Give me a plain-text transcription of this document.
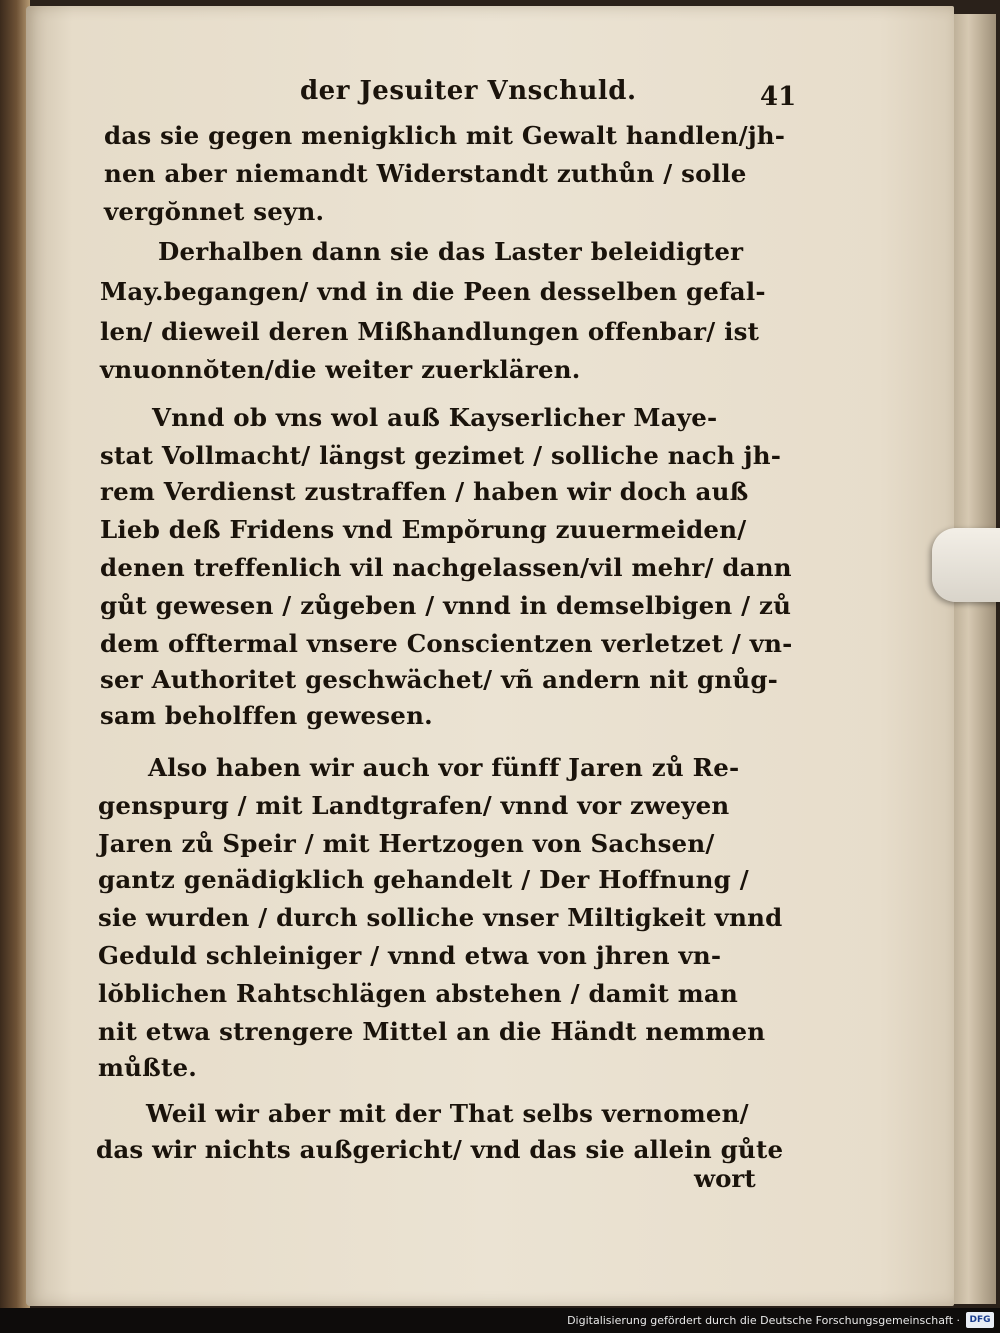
der Jesuiter Vnschuld.	41
das sie gegen menigklich mit Gewalt handlen/jh-
nen aber niemandt Widerstandt zuthůn / solle
vergŏnnet seyn.
Derhalben dann sie das Laster beleidigter
May.begangen/ vnd in die Peen desselben gefal-
len/ dieweil deren Mißhandlungen offenbar/ ist
vnuonnŏten/die weiter zuerklären.
Vnnd ob vns wol auß Kayserlicher Maye-
stat Vollmacht/ längst gezimet / solliche nach jh-
rem Verdienst zustraffen / haben wir doch auß
Lieb deß Fridens vnd Empŏrung zuuermeiden/
denen treffenlich vil nachgelassen/vil mehr/ dann
gůt gewesen / zůgeben / vnnd in demselbigen / zů
dem offtermal vnsere Conscientzen verletzet / vn-
ser Authoritet geschwächet/ vñ andern nit gnůg-
sam beholffen gewesen.
Also haben wir auch vor fünff Jaren zů Re-
genspurg / mit Landtgrafen/ vnnd vor zweyen
Jaren zů Speir / mit Hertzogen von Sachsen/
gantz genädigklich gehandelt / Der Hoffnung /
sie wurden / durch solliche vnser Miltigkeit vnnd
Geduld schleiniger / vnnd etwa von jhren vn-
lŏblichen Rahtschlägen abstehen / damit man
nit etwa strengere Mittel an die Händt nemmen
můßte.
Weil wir aber mit der That selbs vernomen/
das wir nichts außgericht/ vnd das sie allein gůte
wort
Digitalisierung gefördert durch die Deutsche Forschungsgemeinschaft ·	DFG
